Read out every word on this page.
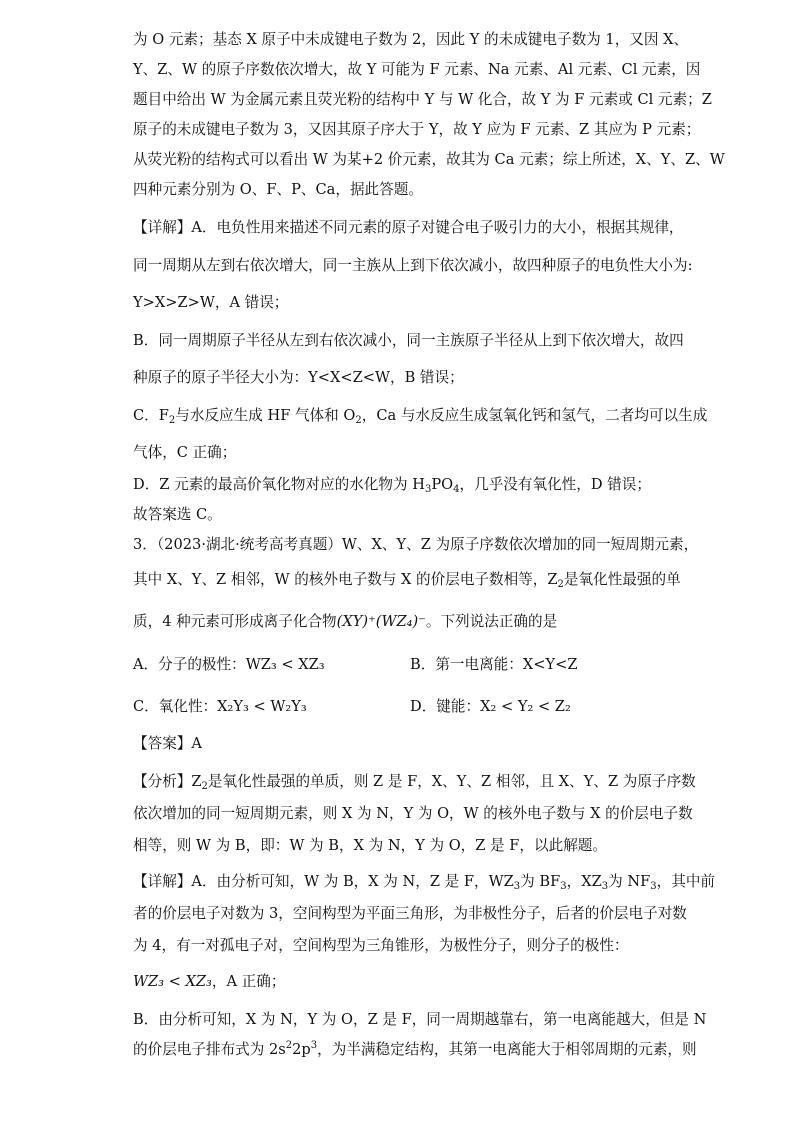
为 O 元素；基态 X 原子中未成键电子数为 2，因此 Y 的未成键电子数为 1，又因 X、
Y、Z、W 的原子序数依次增大，故 Y 可能为 F 元素、Na 元素、Al 元素、Cl 元素，因
题目中给出 W 为金属元素且荧光粉的结构中 Y 与 W 化合，故 Y 为 F 元素或 Cl 元素；Z
原子的未成键电子数为 3，又因其原子序大于 Y，故 Y 应为 F 元素、Z 其应为 P 元素；
从荧光粉的结构式可以看出 W 为某+2 价元素，故其为 Ca 元素；综上所述，X、Y、Z、W
四种元素分别为 O、F、P、Ca，据此答题。
【详解】A．电负性用来描述不同元素的原子对键合电子吸引力的大小，根据其规律，
同一周期从左到右依次增大，同一主族从上到下依次减小，故四种原子的电负性大小为:
Y>X>Z>W，A 错误；
B．同一周期原子半径从左到右依次减小，同一主族原子半径从上到下依次增大，故四
种原子的原子半径大小为：Y<X<Z<W，B 错误；
C．$F_2$与水反应生成 HF 气体和 $O_2$，Ca 与水反应生成氢氧化钙和氢气，二者均可以生成
气体，C 正确；
D．Z 元素的最高价氧化物对应的水化物为 $H_3PO_4$，几乎没有氧化性，D 错误；
故答案选 C。
3．（2023·湖北·统考高考真题）W、X、Y、Z 为原子序数依次增加的同一短周期元素，
其中 X、Y、Z 相邻，W 的核外电子数与 X 的价层电子数相等，$Z_2$是氧化性最强的单
质，4 种元素可形成离子化合物(XY)⁺(WZ₄)⁻。下列说法正确的是
A．分子的极性：WZ₃ < XZ₃	B．第一电离能：X<Y<Z
C．氧化性：X₂Y₃ < W₂Y₃	D．键能：X₂ < Y₂ < Z₂
【答案】A
【分析】$Z_2$是氧化性最强的单质，则 Z 是 F，X、Y、Z 相邻，且 X、Y、Z 为原子序数
依次增加的同一短周期元素，则 X 为 N，Y 为 O，W 的核外电子数与 X 的价层电子数
相等，则 W 为 B，即：W 为 B，X 为 N，Y 为 O，Z 是 F，以此解题。
【详解】A．由分析可知，W 为 B，X 为 N，Z 是 F，$WZ_3$为 $BF_3$，$XZ_3$为 $NF_3$，其中前
者的价层电子对数为 3，空间构型为平面三角形，为非极性分子，后者的价层电子对数
为 4，有一对孤电子对，空间构型为三角锥形，为极性分子，则分子的极性：
WZ₃ < XZ₃，A 正确；
B．由分析可知，X 为 N，Y 为 O，Z 是 F，同一周期越靠右，第一电离能越大，但是 N
的价层电子排布式为 $2s^22p^3$，为半满稳定结构，其第一电离能大于相邻周期的元素，则
